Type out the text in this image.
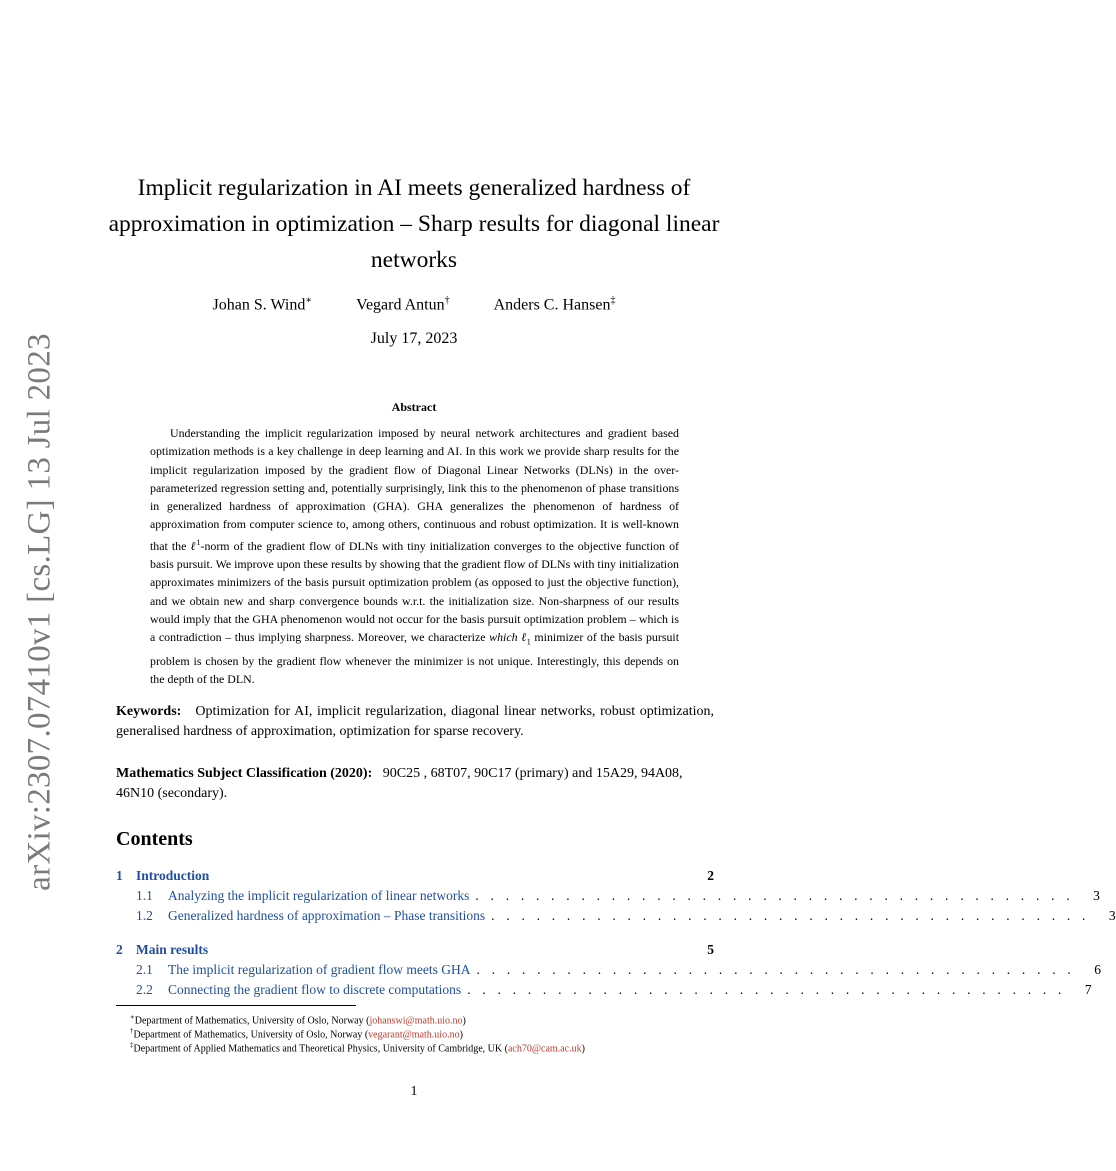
arXiv:2307.07410v1 [cs.LG] 13 Jul 2023
Implicit regularization in AI meets generalized hardness of approximation in optimization – Sharp results for diagonal linear networks
Johan S. Wind∗	Vegard Antun†	Anders C. Hansen‡
July 17, 2023
Abstract

Understanding the implicit regularization imposed by neural network architectures and gradient based optimization methods is a key challenge in deep learning and AI. In this work we provide sharp results for the implicit regularization imposed by the gradient flow of Diagonal Linear Networks (DLNs) in the over-parameterized regression setting and, potentially surprisingly, link this to the phenomenon of phase transitions in generalized hardness of approximation (GHA). GHA generalizes the phenomenon of hardness of approximation from computer science to, among others, continuous and robust optimization. It is well-known that the ℓ$^1$-norm of the gradient flow of DLNs with tiny initialization converges to the objective function of basis pursuit. We improve upon these results by showing that the gradient flow of DLNs with tiny initialization approximates minimizers of the basis pursuit optimization problem (as opposed to just the objective function), and we obtain new and sharp convergence bounds w.r.t. the initialization size. Non-sharpness of our results would imply that the GHA phenomenon would not occur for the basis pursuit optimization problem – which is a contradiction – thus implying sharpness. Moreover, we characterize which ℓ$_1$ minimizer of the basis pursuit problem is chosen by the gradient flow whenever the minimizer is not unique. Interestingly, this depends on the depth of the DLN.

Keywords: Optimization for AI, implicit regularization, diagonal linear networks, robust optimization, generalised hardness of approximation, optimization for sparse recovery.

Mathematics Subject Classification (2020): 90C25 , 68T07, 90C17 (primary) and 15A29, 94A08, 46N10 (secondary).

Contents
1 Introduction	2
1.1	Analyzing the implicit regularization of linear networks . . . . . . . . . . . . . . . . . . . . . . . . . . . . . . . . . . . . . . . .	3
1.2	Generalized hardness of approximation – Phase transitions . . . . . . . . . . . . . . . . . . . . . . . . . . . . . . . . . . . . . . . .	3
2 Main results	5
2.1	The implicit regularization of gradient flow meets GHA . . . . . . . . . . . . . . . . . . . . . . . . . . . . . . . . . . . . . . . .	6
2.2	Connecting the gradient flow to discrete computations . . . . . . . . . . . . . . . . . . . . . . . . . . . . . . . . . . . . . . . .	7
∗Department of Mathematics, University of Oslo, Norway (johanswi@math.uio.no)
†Department of Mathematics, University of Oslo, Norway (vegarant@math.uio.no)
‡Department of Applied Mathematics and Theoretical Physics, University of Cambridge, UK (ach70@cam.ac.uk)
1
